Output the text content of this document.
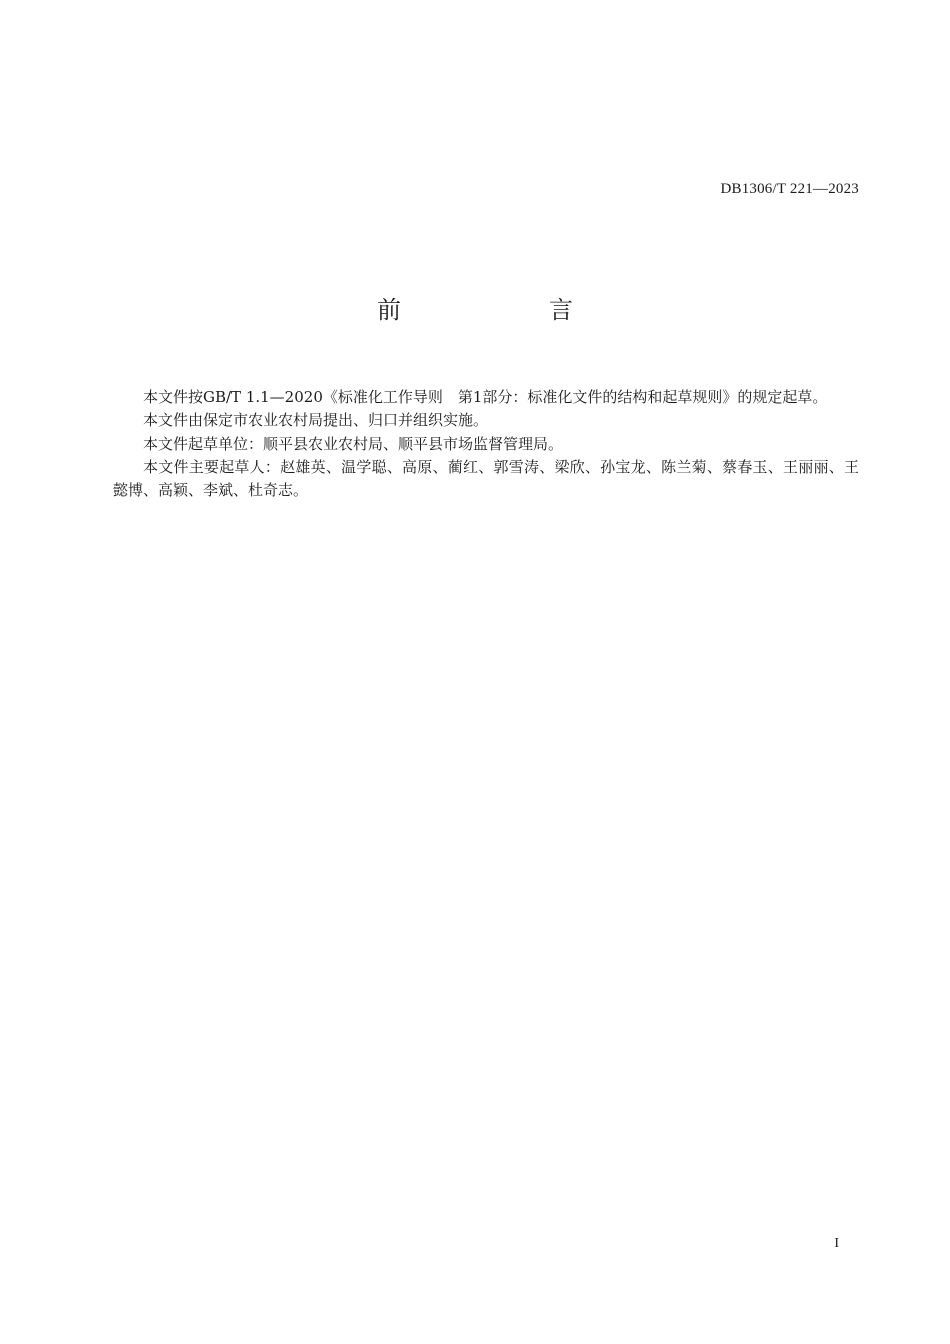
DB1306/T 221—2023
前　言

本文件按GB/T 1.1—2020《标准化工作导则　第1部分：标准化文件的结构和起草规则》的规定起草。

本文件由保定市农业农村局提出、归口并组织实施。

本文件起草单位：顺平县农业农村局、顺平县市场监督管理局。

本文件主要起草人：赵雄英、温学聪、高原、蔺红、郭雪涛、梁欣、孙宝龙、陈兰菊、蔡春玉、王丽丽、王懿博、高颖、李斌、杜奇志。

I
